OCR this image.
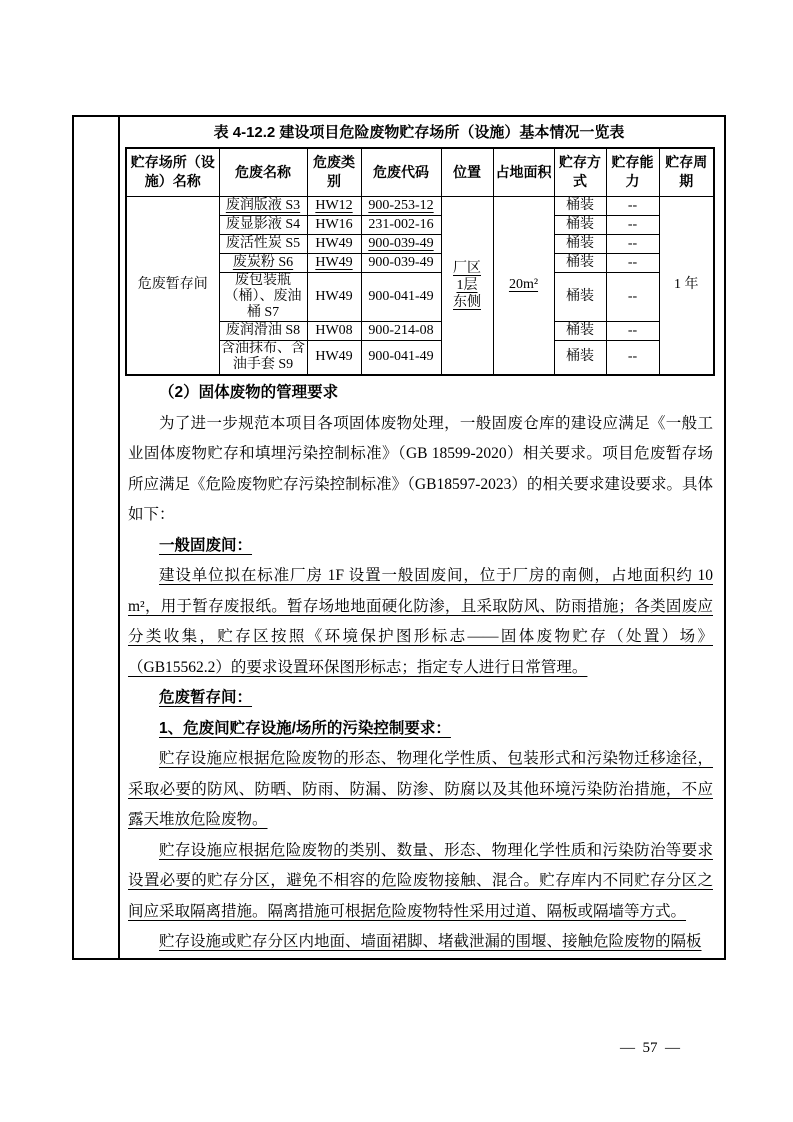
表 4-12.2 建设项目危险废物贮存场所（设施）基本情况一览表
贮存场所（设施）名称	危废名称	危废类别	危废代码	位置	占地面积	贮存方式	贮存能力	贮存周期
危废暂存间	废润版液 S3	HW12	900-253-12	厂区1层东侧	20m²	桶装	--	1 年
	废显影液 S4	HW16	231-002-16			桶装	--	
	废活性炭 S5	HW49	900-039-49			桶装	--	
	废炭粉 S6	HW49	900-039-49			桶装	--	
	废包装瓶（桶）、废油桶 S7	HW49	900-041-49			桶装	--	
	废润滑油 S8	HW08	900-214-08			桶装	--	
	含油抹布、含油手套 S9	HW49	900-041-49			桶装	--	

（2）固体废物的管理要求

为了进一步规范本项目各项固体废物处理，一般固废仓库的建设应满足《一般工业固体废物贮存和填埋污染控制标准》（GB 18599-2020）相关要求。项目危废暂存场所应满足《危险废物贮存污染控制标准》（GB18597-2023）的相关要求建设要求。具体如下：

一般固废间：

建设单位拟在标准厂房 1F 设置一般固废间，位于厂房的南侧，占地面积约 10 m²，用于暂存废报纸。暂存场地地面硬化防渗，且采取防风、防雨措施；各类固废应分类收集，贮存区按照《环境保护图形标志——固体废物贮存（处置）场》（GB15562.2）的要求设置环保图形标志；指定专人进行日常管理。

危废暂存间：

1、危废间贮存设施/场所的污染控制要求：

贮存设施应根据危险废物的形态、物理化学性质、包装形式和污染物迁移途径，采取必要的防风、防晒、防雨、防漏、防渗、防腐以及其他环境污染防治措施，不应露天堆放危险废物。

贮存设施应根据危险废物的类别、数量、形态、物理化学性质和污染防治等要求设置必要的贮存分区，避免不相容的危险废物接触、混合。贮存库内不同贮存分区之间应采取隔离措施。隔离措施可根据危险废物特性采用过道、隔板或隔墙等方式。

贮存设施或贮存分区内地面、墙面裙脚、堵截泄漏的围堰、接触危险废物的隔板

—  57  —
